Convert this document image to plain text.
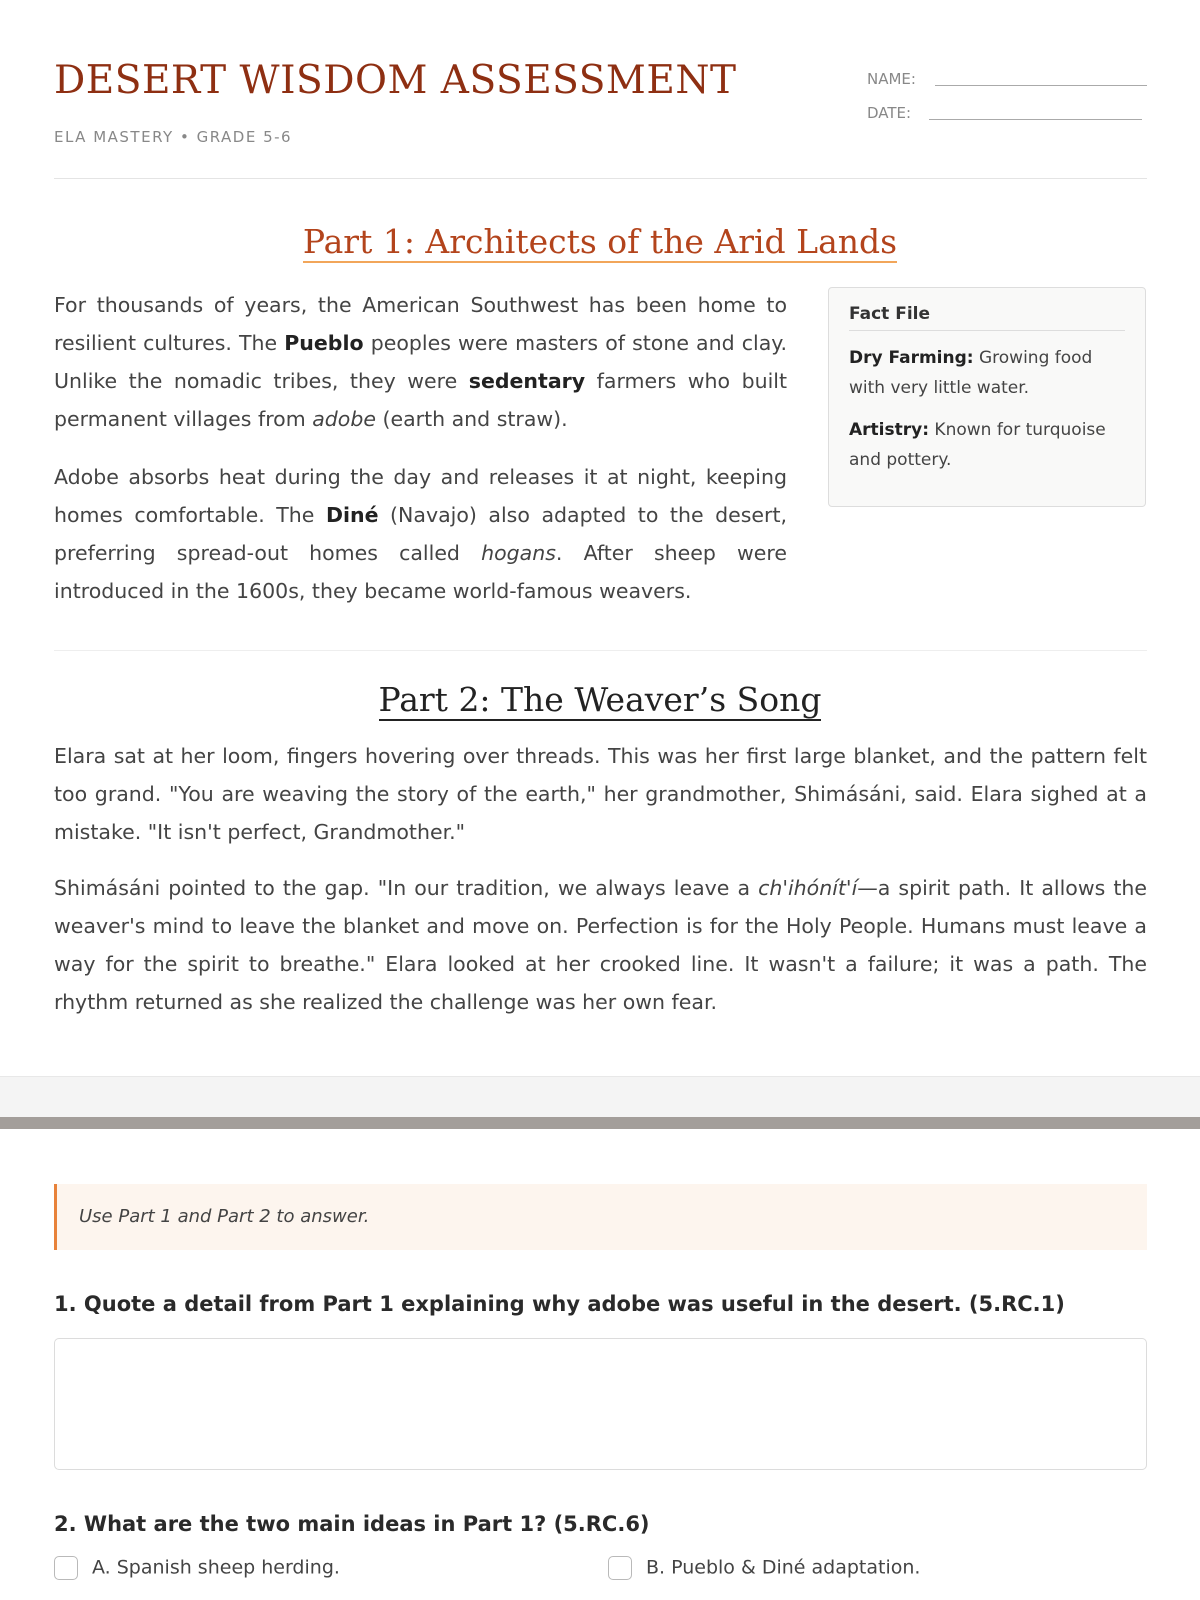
DESERT WISDOM ASSESSMENT
ELA MASTERY • GRADE 5-6
NAME:
DATE:
Part 1: Architects of the Arid Lands

For thousands of years, the American Southwest has been home to resilient cultures. The Pueblo peoples were masters of stone and clay. Unlike the nomadic tribes, they were sedentary farmers who built permanent villages from adobe (earth and straw).

Adobe absorbs heat during the day and releases it at night, keeping homes comfortable. The Diné (Navajo) also adapted to the desert, preferring spread-out homes called hogans. After sheep were introduced in the 1600s, they became world-famous weavers.

Fact File
Dry Farming: Growing food with very little water.
Artistry: Known for turquoise and pottery.
Part 2: The Weaver’s Song

Elara sat at her loom, fingers hovering over threads. This was her first large blanket, and the pattern felt too grand. "You are weaving the story of the earth," her grandmother, Shimásáni, said. Elara sighed at a mistake. "It isn't perfect, Grandmother."

Shimásáni pointed to the gap. "In our tradition, we always leave a ch'ihónít'í—a spirit path. It allows the weaver's mind to leave the blanket and move on. Perfection is for the Holy People. Humans must leave a way for the spirit to breathe." Elara looked at her crooked line. It wasn't a failure; it was a path. The rhythm returned as she realized the challenge was her own fear.

Use Part 1 and Part 2 to answer.
1. Quote a detail from Part 1 explaining why adobe was useful in the desert. (5.RC.1)
2. What are the two main ideas in Part 1? (5.RC.6)
A. Spanish sheep herding.	B. Pueblo & Diné adaptation.
